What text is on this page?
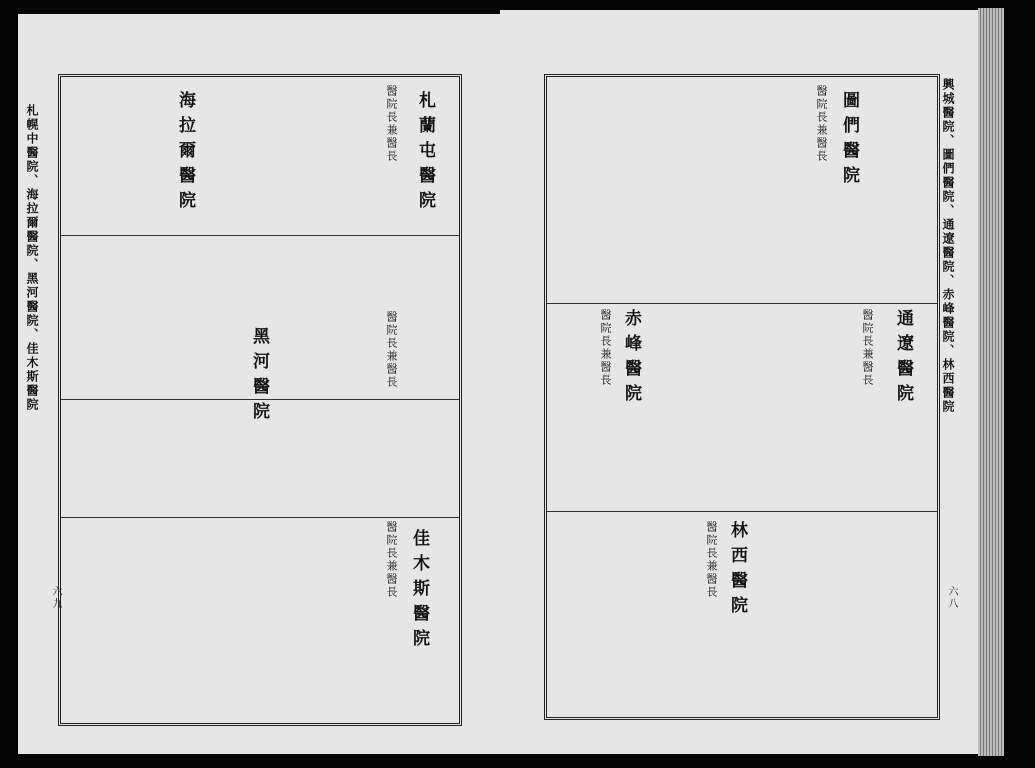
札幌中醫院、海拉爾醫院、黑河醫院、佳木斯醫院	興城醫院、圖們醫院、通遼醫院、赤峰醫院、林西醫院
札蘭屯醫院
醫院長兼醫長
海拉爾醫院
黑河醫院	醫院長兼醫長
佳木斯醫院
醫院長兼醫長
圖們醫院
醫院長兼醫長
通遼醫院
醫院長兼醫長
赤峰醫院
醫院長兼醫長
林西醫院
醫院長兼醫長
六九	六八
